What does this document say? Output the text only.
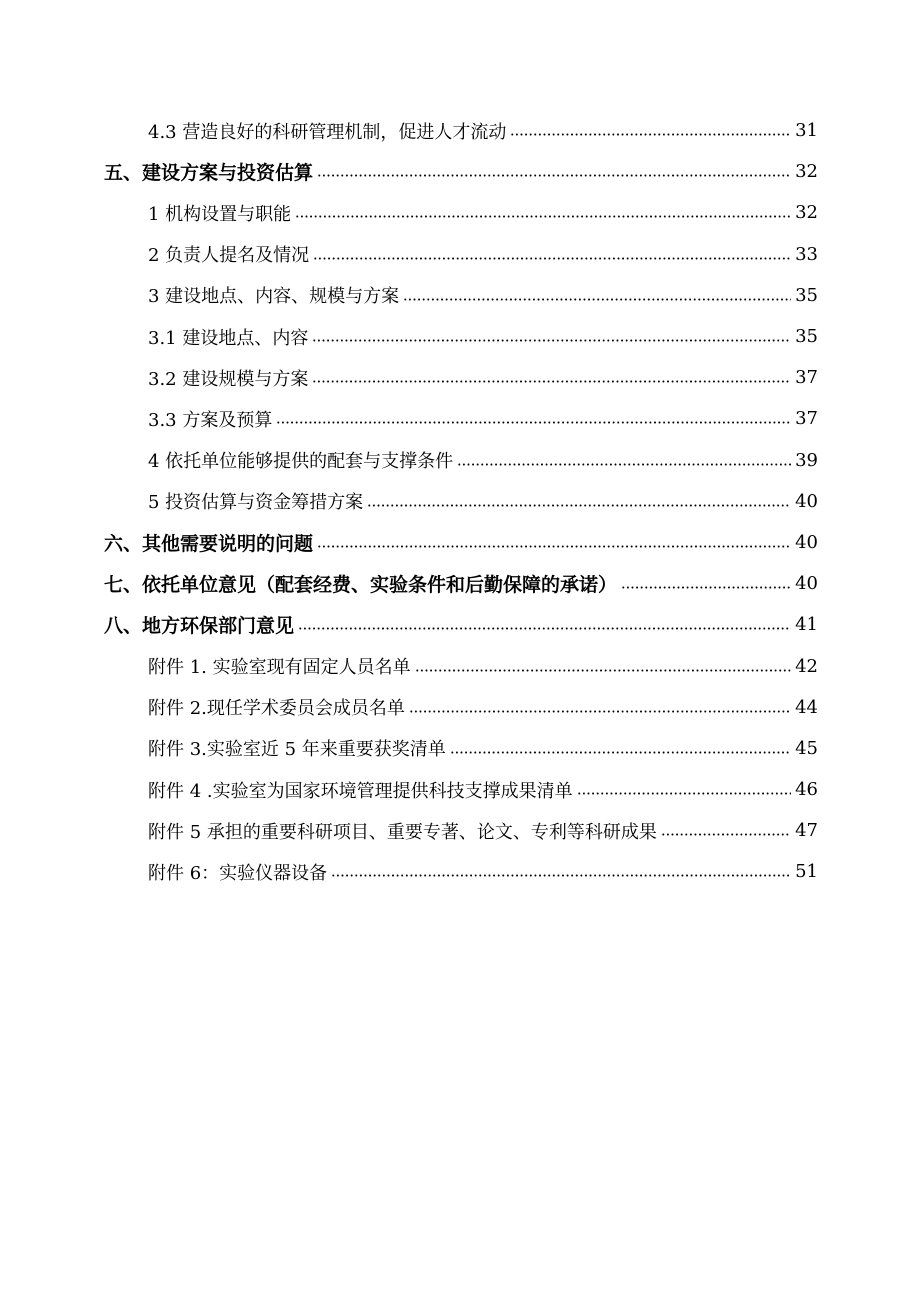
4.3 营造良好的科研管理机制，促进人才流动	31
五、建设方案与投资估算	32
1 机构设置与职能	32
2 负责人提名及情况	33
3 建设地点、内容、规模与方案	35
3.1 建设地点、内容	35
3.2 建设规模与方案	37
3.3 方案及预算	37
4 依托单位能够提供的配套与支撑条件	39
5 投资估算与资金筹措方案	40
六、其他需要说明的问题	40
七、依托单位意见（配套经费、实验条件和后勤保障的承诺）	40
八、地方环保部门意见	41
附件 1. 实验室现有固定人员名单	42
附件 2.现任学术委员会成员名单	44
附件 3.实验室近 5 年来重要获奖清单	45
附件 4 .实验室为国家环境管理提供科技支撑成果清单	46
附件 5 承担的重要科研项目、重要专著、论文、专利等科研成果	47
附件 6：实验仪器设备	51
